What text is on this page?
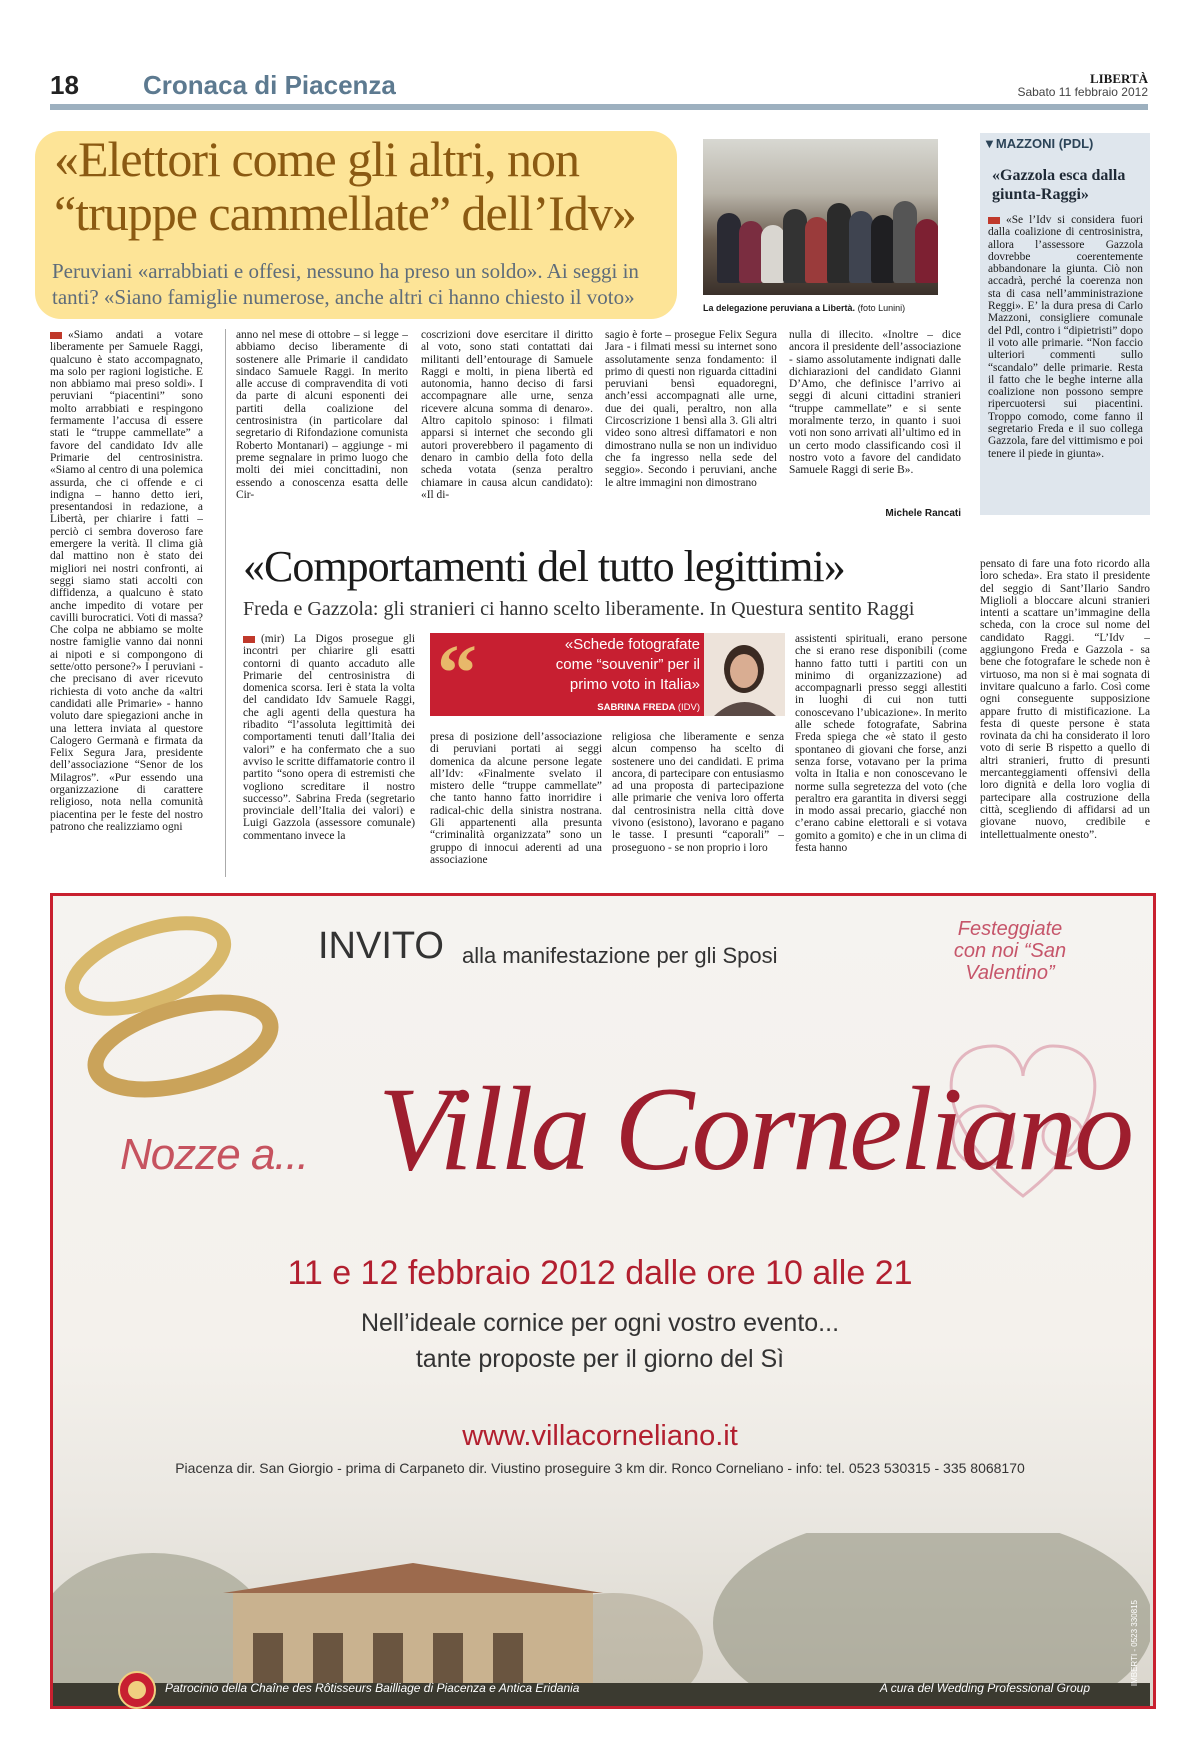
18 Cronaca di Piacenza	LIBERTÀ
Sabato 11 febbraio 2012
«Elettori come gli altri, non “truppe cammellate” dell’Idv»
Peruviani «arrabbiati e offesi, nessuno ha preso un soldo». Ai seggi in tanti? «Siano famiglie numerose, anche altri ci hanno chiesto il voto»	La delegazione peruviana a Libertà. (foto Lunini)
«Siamo andati a votare liberamente per Samuele Raggi, qualcuno è stato accompagnato, ma solo per ragioni logistiche. E non abbiamo mai preso soldi». I peruviani “piacentini” sono molto arrabbiati e respingono fermamente l’accusa di essere stati le “truppe cammellate” a favore del candidato Idv alle Primarie del centrosinistra. «Siamo al centro di una polemica assurda, che ci offende e ci indigna – hanno detto ieri, presentandosi in redazione, a Libertà, per chiarire i fatti – perciò ci sembra doveroso fare emergere la verità. Il clima già dal mattino non è stato dei migliori nei nostri confronti, ai seggi siamo stati accolti con diffidenza, a qualcuno è stato anche impedito di votare per cavilli burocratici. Voti di massa? Che colpa ne abbiamo se molte nostre famiglie vanno dai nonni ai nipoti e si compongono di sette/otto persone?» I peruviani - che precisano di aver ricevuto richiesta di voto anche da «altri candidati alle Primarie» - hanno voluto dare spiegazioni anche in una lettera inviata al questore Calogero Germanà e firmata da Felix Segura Jara, presidente dell’associazione “Senor de los Milagros”. «Pur essendo una organizzazione di carattere religioso, nota nella comunità piacentina per le feste del nostro patrono che realizziamo ogni
anno nel mese di ottobre – si legge – abbiamo deciso liberamente di sostenere alle Primarie il candidato sindaco Samuele Raggi. In merito alle accuse di compravendita di voti da parte di alcuni esponenti dei partiti della coalizione del centrosinistra (in particolare dal segretario di Rifondazione comunista Roberto Montanari) – aggiunge - mi preme segnalare in primo luogo che molti dei miei concittadini, non essendo a conoscenza esatta delle Cir-
coscrizioni dove esercitare il diritto al voto, sono stati contattati dai militanti dell’entourage di Samuele Raggi e molti, in piena libertà ed autonomia, hanno deciso di farsi accompagnare alle urne, senza ricevere alcuna somma di denaro». Altro capitolo spinoso: i filmati apparsi si internet che secondo gli autori proverebbero il pagamento di denaro in cambio della foto della scheda votata (senza peraltro chiamare in causa alcun candidato): «Il di-
sagio è forte – prosegue Felix Segura Jara - i filmati messi su internet sono assolutamente senza fondamento: il primo di questi non riguarda cittadini peruviani bensì equadoregni, anch’essi accompagnati alle urne, due dei quali, peraltro, non alla Circoscrizione 1 bensì alla 3. Gli altri video sono altresì diffamatori e non dimostrano nulla se non un individuo che fa ingresso nella sede del seggio». Secondo i peruviani, anche le altre immagini non dimostrano
nulla di illecito. «Inoltre – dice ancora il presidente dell’associazione - siamo assolutamente indignati dalle dichiarazioni del candidato Gianni D’Amo, che definisce l’arrivo ai seggi di alcuni cittadini stranieri “truppe cammellate” e si sente moralmente terzo, in quanto i suoi voti non sono arrivati all’ultimo ed in un certo modo classificando così il nostro voto a favore del candidato Samuele Raggi di serie B».
Michele Rancati
▼MAZZONI (PDL)
«Gazzola esca dalla giunta-Raggi»
«Se l’Idv si considera fuori dalla coalizione di centrosinistra, allora l’assessore Gazzola dovrebbe coerentemente abbandonare la giunta. Ciò non accadrà, perché la coerenza non sta di casa nell’amministrazione Reggi». E’ la dura presa di Carlo Mazzoni, consigliere comunale del Pdl, contro i “dipietristi” dopo il voto alle primarie. “Non faccio ulteriori commenti sullo “scandalo” delle primarie. Resta il fatto che le beghe interne alla coalizione non possono sempre ripercuotersi sui piacentini. Troppo comodo, come fanno il segretario Freda e il suo collega Gazzola, fare del vittimismo e poi tenere il piede in giunta».
«Comportamenti del tutto legittimi»
Freda e Gazzola: gli stranieri ci hanno scelto liberamente. In Questura sentito Raggi
(mir) La Digos prosegue gli incontri per chiarire gli esatti contorni di quanto accaduto alle Primarie del centrosinistra di domenica scorsa. Ieri è stata la volta del candidato Idv Samuele Raggi, che agli agenti della questura ha ribadito “l’assoluta legittimità dei comportamenti tenuti dall’Italia dei valori” e ha confermato che a suo avviso le scritte diffamatorie contro il partito “sono opera di estremisti che vogliono screditare il nostro successo”. Sabrina Freda (segretario provinciale dell’Italia dei valori) e Luigi Gazzola (assessore comunale) commentano invece la
“	«Schede fotografate come “souvenir” per il primo voto in Italia»
SABRINA FREDA (IDV)
presa di posizione dell’associazione di peruviani portati ai seggi domenica da alcune persone legate all’Idv: «Finalmente svelato il mistero delle “truppe cammellate” che tanto hanno fatto inorridire i radical-chic della sinistra nostrana. Gli appartenenti alla presunta “criminalità organizzata” sono un gruppo di innocui aderenti ad una associazione
religiosa che liberamente e senza alcun compenso ha scelto di sostenere uno dei candidati. E prima ancora, di partecipare con entusiasmo ad una proposta di partecipazione alle primarie che veniva loro offerta dal centrosinistra nella città dove vivono (esistono), lavorano e pagano le tasse. I presunti “caporali” – proseguono - se non proprio i loro
assistenti spirituali, erano persone che si erano rese disponibili (come hanno fatto tutti i partiti con un minimo di organizzazione) ad accompagnarli presso seggi allestiti in luoghi di cui non tutti conoscevano l’ubicazione». In merito alle schede fotografate, Sabrina Freda spiega che «è stato il gesto spontaneo di giovani che forse, anzi senza forse, votavano per la prima volta in Italia e non conoscevano le norme sulla segretezza del voto (che peraltro era garantita in diversi seggi in modo assai precario, giacché non c’erano cabine elettorali e si votava gomito a gomito) e che in un clima di festa hanno
pensato di fare una foto ricordo alla loro scheda». Era stato il presidente del seggio di Sant’Ilario Sandro Miglioli a bloccare alcuni stranieri intenti a scattare un’immagine della scheda, con la croce sul nome del candidato Raggi. “L’Idv – aggiungono Freda e Gazzola - sa bene che fotografare le schede non è virtuoso, ma non si è mai sognata di invitare qualcuno a farlo. Così come ogni conseguente supposizione appare frutto di mistificazione. La festa di queste persone è stata rovinata da chi ha considerato il loro voto di serie B rispetto a quello di altri stranieri, frutto di presunti mercanteggiamenti offensivi della loro dignità e della loro voglia di partecipare alla costruzione della città, scegliendo di affidarsi ad un giovane nuovo, credibile e intellettualmente onesto”.
INVITO alla manifestazione per gli Sposi
Festeggiate con noi “San Valentino”
Nozze a... Villa Corneliano
11 e 12 febbraio 2012 dalle ore 10 alle 21
Nell’ideale cornice per ogni vostro evento...
tante proposte per il giorno del Sì
www.villacorneliano.it
Piacenza dir. San Giorgio - prima di Carpaneto dir. Viustino proseguire 3 km dir. Ronco Corneliano - info: tel. 0523 530315 - 335 8068170
Patrocinio della Chaîne des Rôtisseurs Bailliage di Piacenza e Antica Eridania	A cura del Wedding Professional Group
IMBERTI - 0523 330815
